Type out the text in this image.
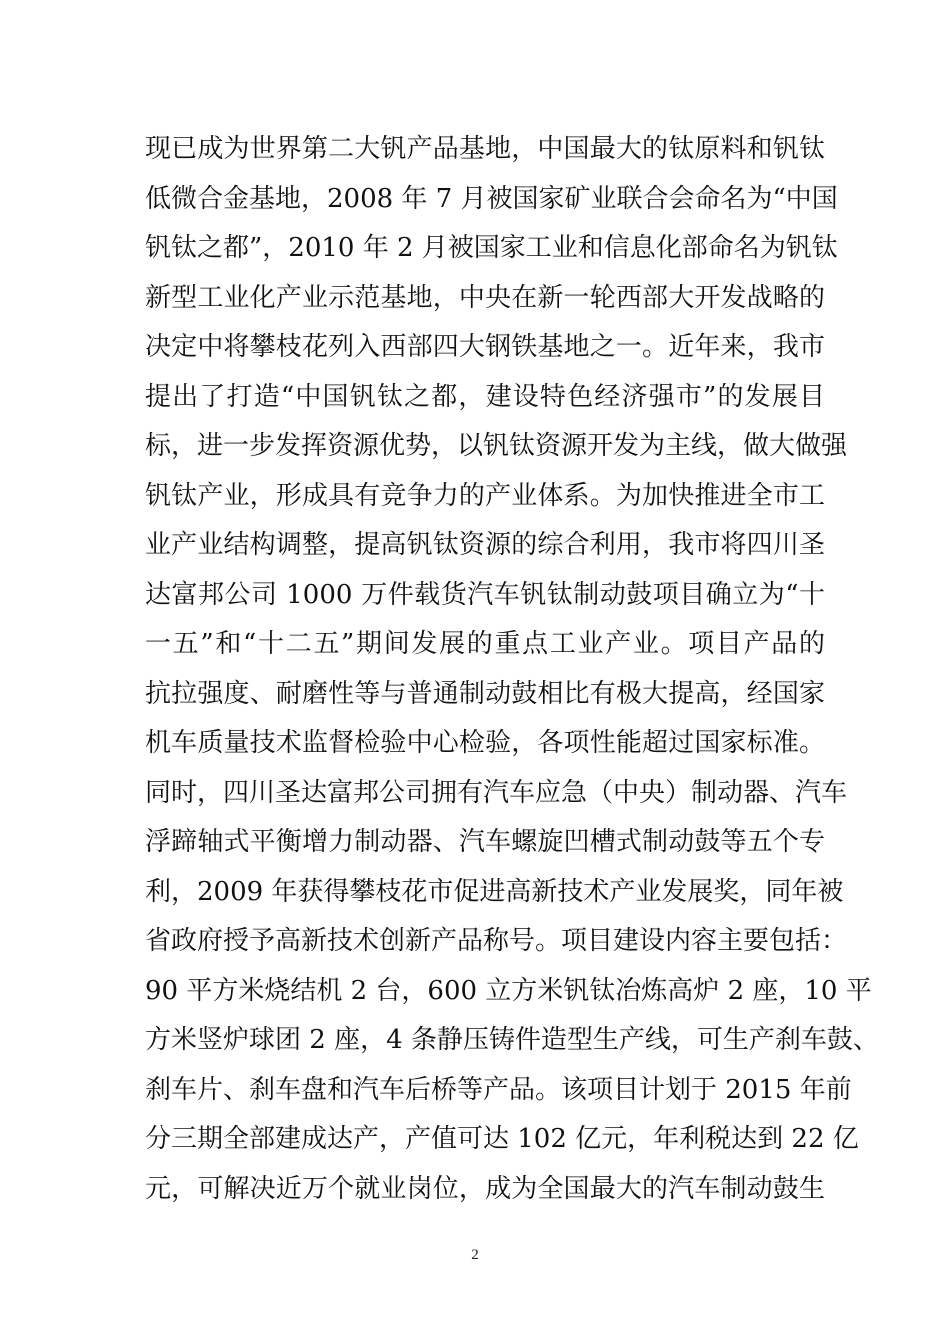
现已成为世界第二大钒产品基地，中国最大的钛原料和钒钛
低微合金基地，2008 年 7 月被国家矿业联合会命名为“中国
钒钛之都”，2010 年 2 月被国家工业和信息化部命名为钒钛
新型工业化产业示范基地，中央在新一轮西部大开发战略的
决定中将攀枝花列入西部四大钢铁基地之一。近年来，我市
提出了打造“中国钒钛之都，建设特色经济强市”的发展目
标，进一步发挥资源优势，以钒钛资源开发为主线，做大做强
钒钛产业，形成具有竞争力的产业体系。为加快推进全市工
业产业结构调整，提高钒钛资源的综合利用，我市将四川圣
达富邦公司 1000 万件载货汽车钒钛制动鼓项目确立为“十
一五”和“十二五”期间发展的重点工业产业。项目产品的
抗拉强度、耐磨性等与普通制动鼓相比有极大提高，经国家
机车质量技术监督检验中心检验，各项性能超过国家标准。
同时，四川圣达富邦公司拥有汽车应急（中央）制动器、汽车
浮蹄轴式平衡增力制动器、汽车螺旋凹槽式制动鼓等五个专
利，2009 年获得攀枝花市促进高新技术产业发展奖，同年被
省政府授予高新技术创新产品称号。项目建设内容主要包括：
90 平方米烧结机 2 台，600 立方米钒钛冶炼高炉 2 座，10 平
方米竖炉球团 2 座，4 条静压铸件造型生产线，可生产刹车鼓、
刹车片、刹车盘和汽车后桥等产品。该项目计划于 2015 年前
分三期全部建成达产，产值可达 102 亿元，年利税达到 22 亿
元，可解决近万个就业岗位，成为全国最大的汽车制动鼓生
2
